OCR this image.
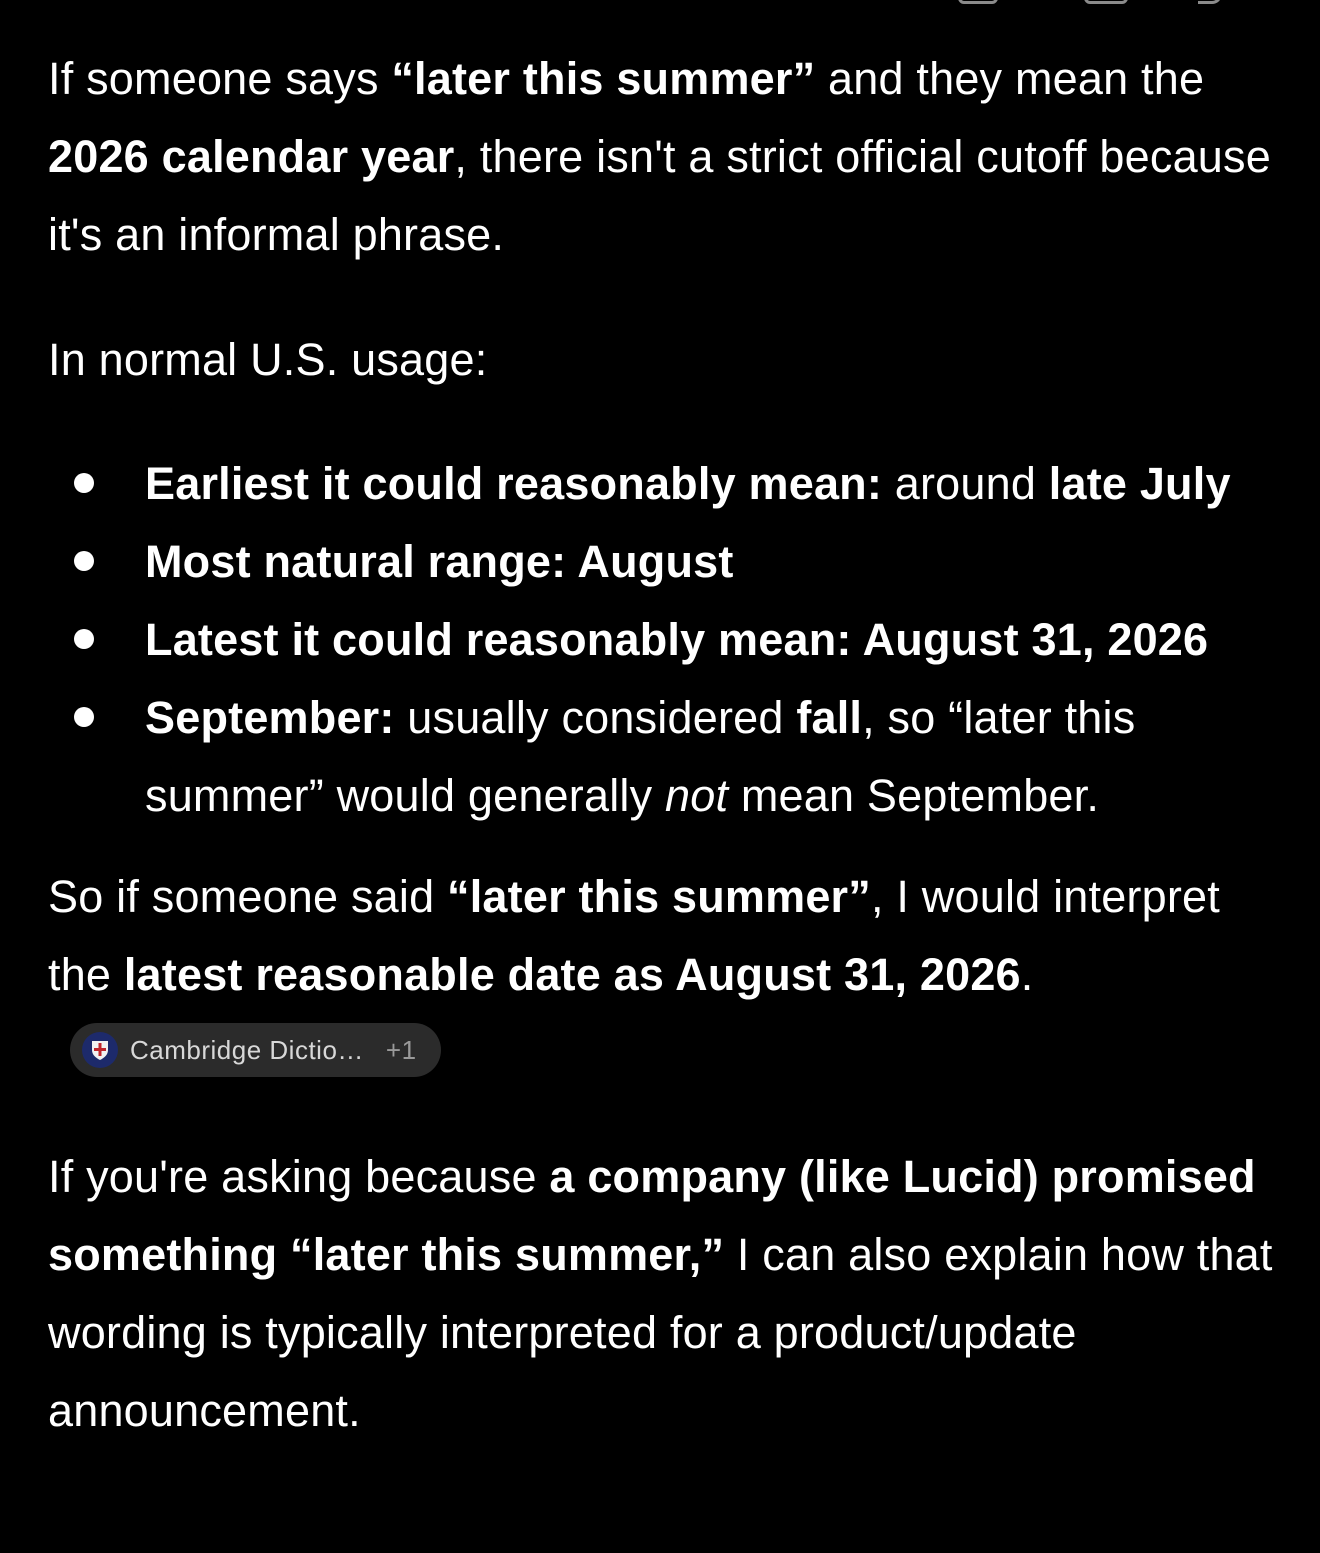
If someone says “later this summer” and they mean the 2026 calendar year, there isn't a strict official cutoff because it's an informal phrase.

In normal U.S. usage:

Earliest it could reasonably mean: around late July
Most natural range: August
Latest it could reasonably mean: August 31, 2026
September: usually considered fall, so “later this summer” would generally not mean September.

So if someone said “later this summer”, I would interpret the latest reasonable date as August 31, 2026.
Cambridge Dictio… +1

If you're asking because a company (like Lucid) promised something “later this summer,” I can also explain how that wording is typically interpreted for a product/update announcement.
